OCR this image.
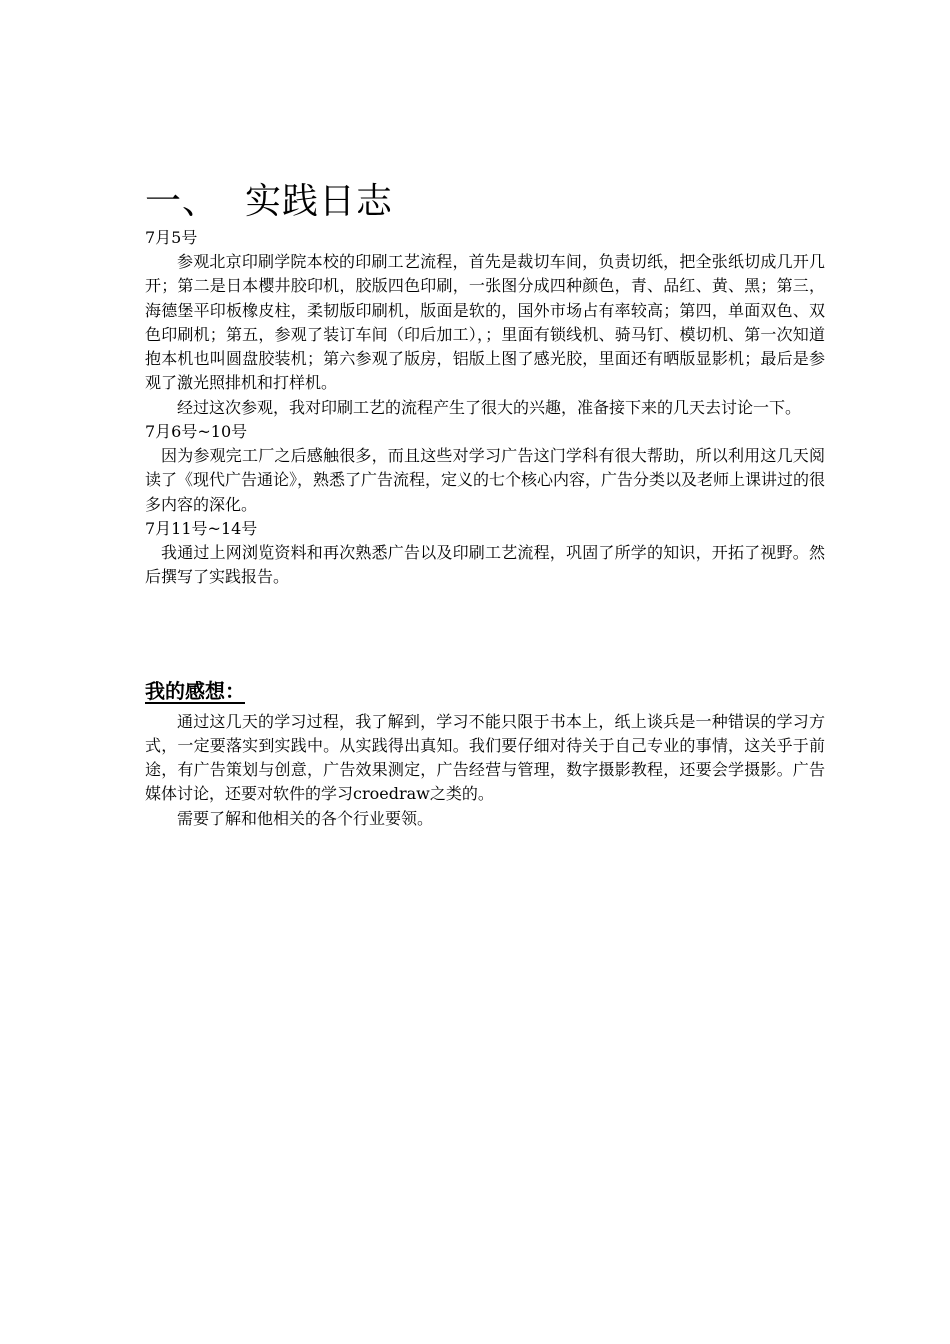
一、 实践日志

7月5号

参观北京印刷学院本校的印刷工艺流程，首先是裁切车间，负责切纸，把全张纸切成几开几开；第二是日本樱井胶印机，胶版四色印刷，一张图分成四种颜色，青、品红、黄、黑；第三，海德堡平印板橡皮柱，柔韧版印刷机，版面是软的，国外市场占有率较高；第四，单面双色、双色印刷机；第五，参观了装订车间（印后加工），；里面有锁线机、骑马钉、模切机、第一次知道抱本机也叫圆盘胶装机；第六参观了版房，铝版上图了感光胶，里面还有晒版显影机；最后是参观了激光照排机和打样机。

经过这次参观，我对印刷工艺的流程产生了很大的兴趣，准备接下来的几天去讨论一下。

7月6号~10号

因为参观完工厂之后感触很多，而且这些对学习广告这门学科有很大帮助，所以利用这几天阅读了《现代广告通论》，熟悉了广告流程，定义的七个核心内容，广告分类以及老师上课讲过的很多内容的深化。

7月11号~14号

我通过上网浏览资料和再次熟悉广告以及印刷工艺流程，巩固了所学的知识，开拓了视野。然后撰写了实践报告。

我的感想：

通过这几天的学习过程，我了解到，学习不能只限于书本上，纸上谈兵是一种错误的学习方式，一定要落实到实践中。从实践得出真知。我们要仔细对待关于自己专业的事情，这关乎于前途，有广告策划与创意，广告效果测定，广告经营与管理，数字摄影教程，还要会学摄影。广告媒体讨论，还要对软件的学习croedraw之类的。

需要了解和他相关的各个行业要领。
